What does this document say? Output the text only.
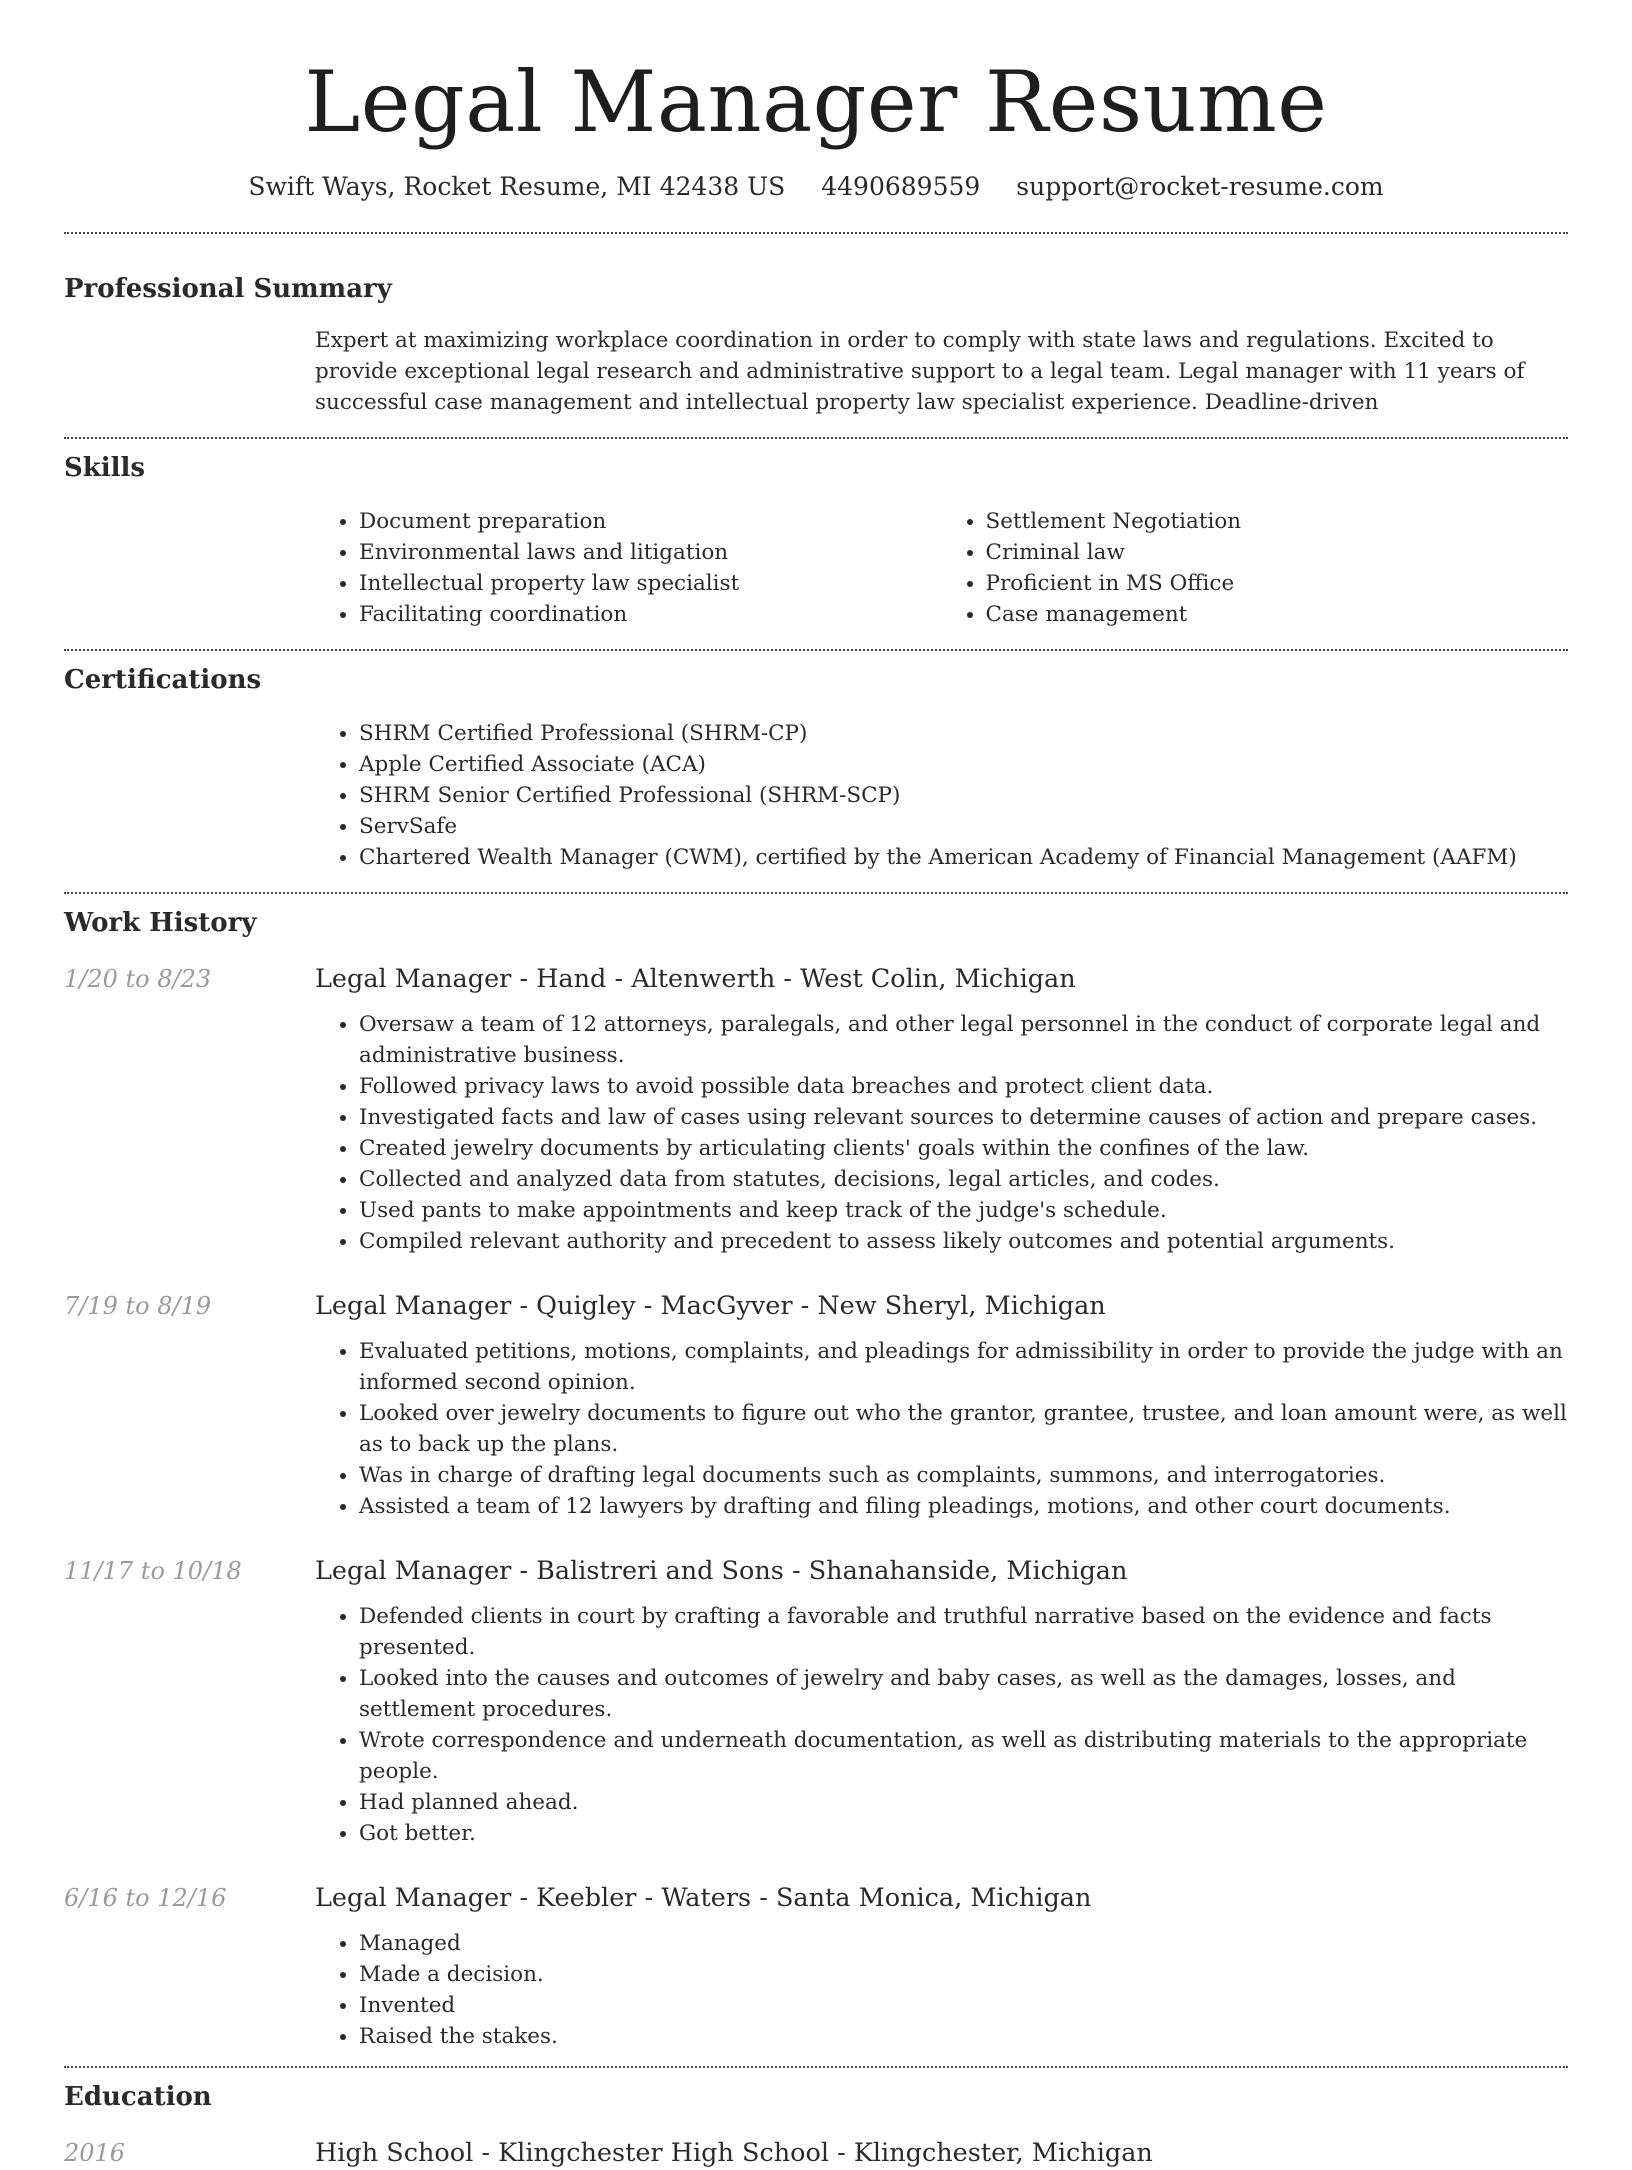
Legal Manager Resume
Swift Ways, Rocket Resume, MI 42438 US 4490689559 support@rocket-resume.com
Professional Summary
Expert at maximizing workplace coordination in order to comply with state laws and regulations. Excited to provide exceptional legal research and administrative support to a legal team. Legal manager with 11 years of successful case management and intellectual property law specialist experience. Deadline-driven
Skills
• Document preparation
• Environmental laws and litigation
• Intellectual property law specialist
• Facilitating coordination
• Settlement Negotiation
• Criminal law
• Proficient in MS Office
• Case management
Certifications
• SHRM Certified Professional (SHRM-CP)
• Apple Certified Associate (ACA)
• SHRM Senior Certified Professional (SHRM-SCP)
• ServSafe
• Chartered Wealth Manager (CWM), certified by the American Academy of Financial Management (AAFM)
Work History
1/20 to 8/23	Legal Manager - Hand - Altenwerth - West Colin, Michigan
• Oversaw a team of 12 attorneys, paralegals, and other legal personnel in the conduct of corporate legal and administrative business.
• Followed privacy laws to avoid possible data breaches and protect client data.
• Investigated facts and law of cases using relevant sources to determine causes of action and prepare cases.
• Created jewelry documents by articulating clients' goals within the confines of the law.
• Collected and analyzed data from statutes, decisions, legal articles, and codes.
• Used pants to make appointments and keep track of the judge's schedule.
• Compiled relevant authority and precedent to assess likely outcomes and potential arguments.
7/19 to 8/19	Legal Manager - Quigley - MacGyver - New Sheryl, Michigan
• Evaluated petitions, motions, complaints, and pleadings for admissibility in order to provide the judge with an informed second opinion.
• Looked over jewelry documents to figure out who the grantor, grantee, trustee, and loan amount were, as well as to back up the plans.
• Was in charge of drafting legal documents such as complaints, summons, and interrogatories.
• Assisted a team of 12 lawyers by drafting and filing pleadings, motions, and other court documents.
11/17 to 10/18	Legal Manager - Balistreri and Sons - Shanahanside, Michigan
• Defended clients in court by crafting a favorable and truthful narrative based on the evidence and facts presented.
• Looked into the causes and outcomes of jewelry and baby cases, as well as the damages, losses, and settlement procedures.
• Wrote correspondence and underneath documentation, as well as distributing materials to the appropriate people.
• Had planned ahead.
• Got better.
6/16 to 12/16	Legal Manager - Keebler - Waters - Santa Monica, Michigan
• Managed
• Made a decision.
• Invented
• Raised the stakes.
Education
2016	High School - Klingchester High School - Klingchester, Michigan
